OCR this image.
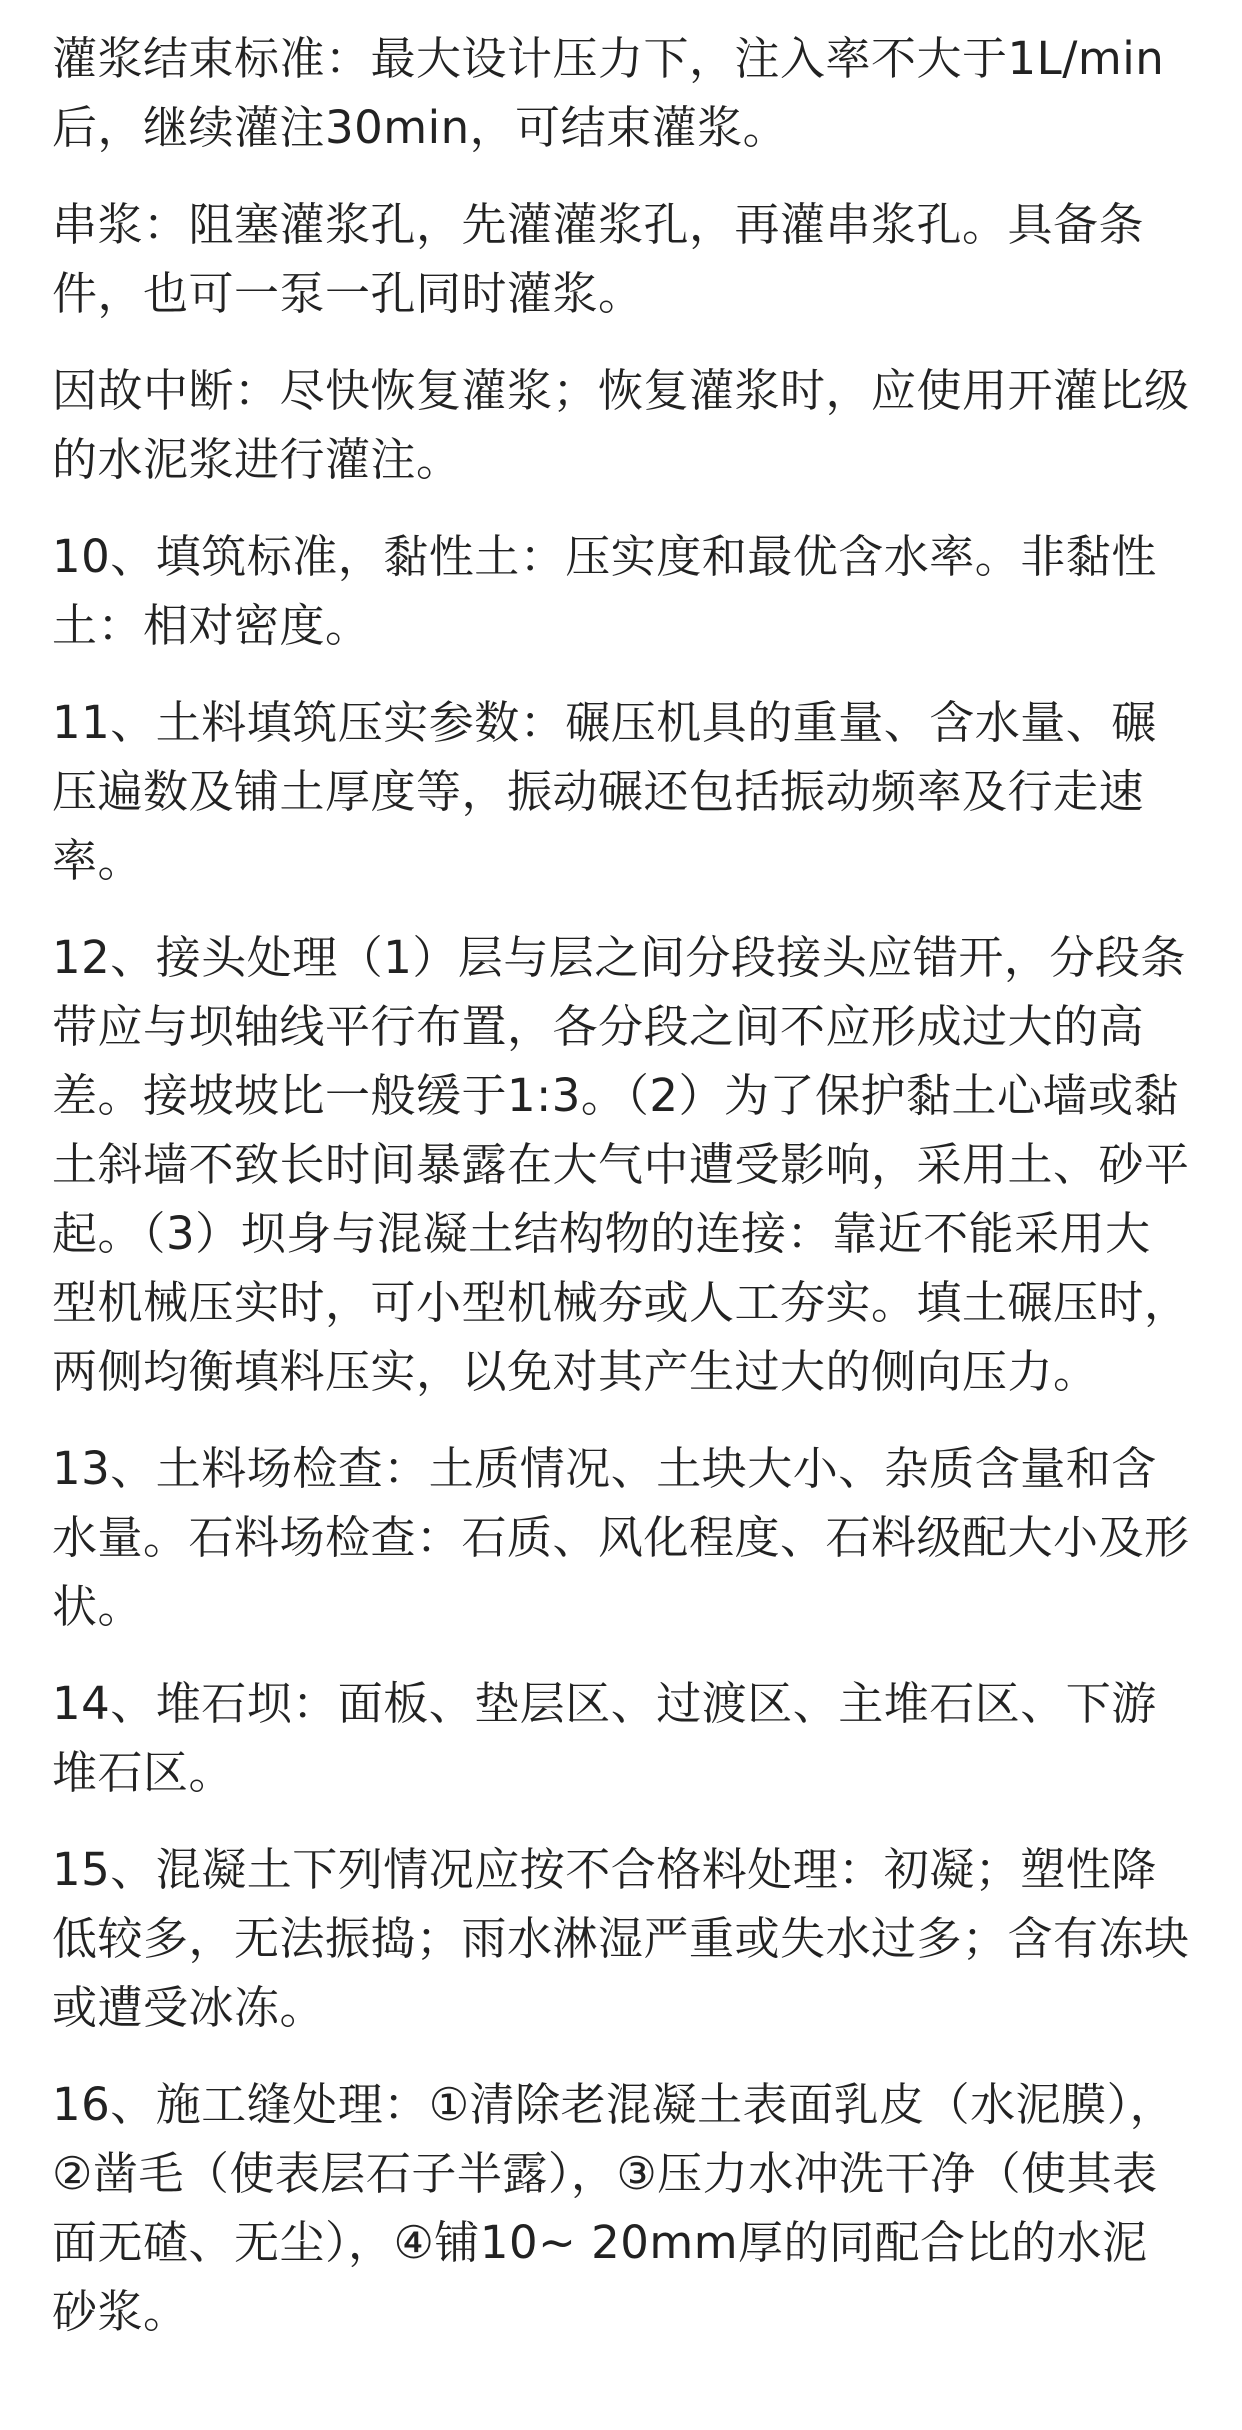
灌浆结束标准：最大设计压力下，注入率不大于1L/min后，继续灌注30min，可结束灌浆。

串浆：阻塞灌浆孔，先灌灌浆孔，再灌串浆孔。具备条件，也可一泵一孔同时灌浆。

因故中断：尽快恢复灌浆；恢复灌浆时，应使用开灌比级的水泥浆进行灌注。

10、填筑标准，黏性土：压实度和最优含水率。非黏性土：相对密度。

11、土料填筑压实参数：碾压机具的重量、含水量、碾压遍数及铺土厚度等，振动碾还包括振动频率及行走速率。

12、接头处理（1）层与层之间分段接头应错开，分段条带应与坝轴线平行布置，各分段之间不应形成过大的高差。接坡坡比一般缓于1:3。（2）为了保护黏土心墙或黏土斜墙不致长时间暴露在大气中遭受影响，采用土、砂平起。（3）坝身与混凝土结构物的连接：靠近不能采用大型机械压实时，可小型机械夯或人工夯实。填土碾压时，两侧均衡填料压实，以免对其产生过大的侧向压力。

13、土料场检查：土质情况、土块大小、杂质含量和含水量。石料场检查：石质、风化程度、石料级配大小及形状。

14、堆石坝：面板、垫层区、过渡区、主堆石区、下游堆石区。

15、混凝土下列情况应按不合格料处理：初凝；塑性降低较多，无法振捣；雨水淋湿严重或失水过多；含有冻块或遭受冰冻。

16、施工缝处理：①清除老混凝土表面乳皮（水泥膜），②凿毛（使表层石子半露），③压力水冲洗干净（使其表面无碴、无尘），④铺10~ 20mm厚的同配合比的水泥砂浆。
